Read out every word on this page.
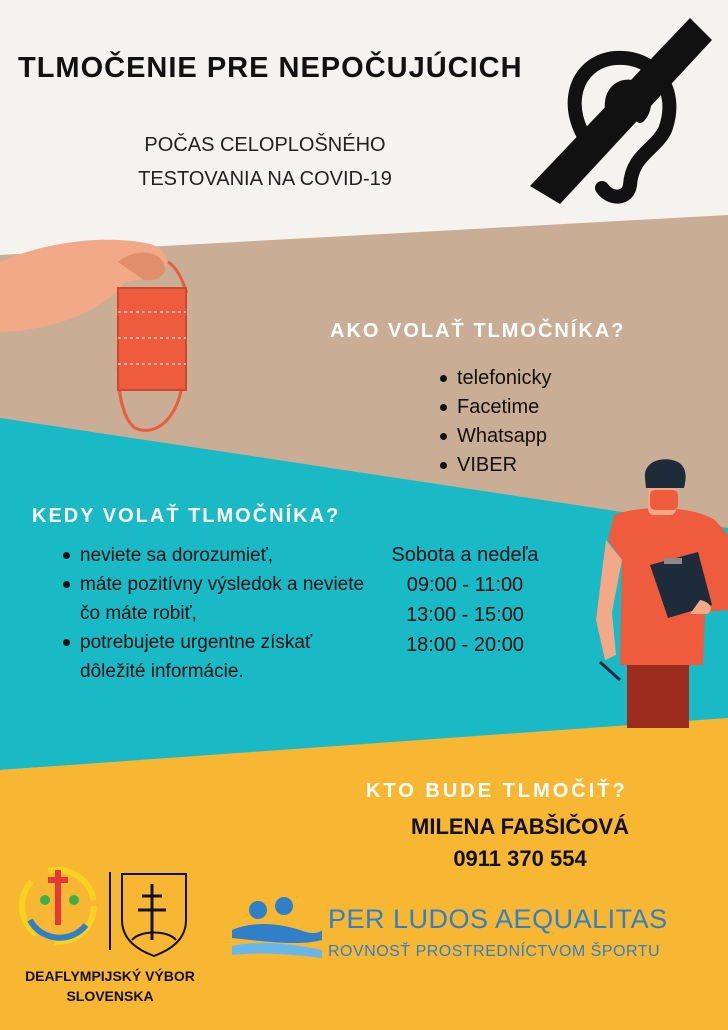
TLMOČENIE PRE NEPOČUJÚCICH
POČAS CELOPLOŠNÉHO
TESTOVANIA NA COVID-19
AKO VOLAŤ TLMOČNÍKA?
telefonicky
Facetime
Whatsapp
VIBER
KEDY VOLAŤ TLMOČNÍKA?
neviete sa dorozumieť,
máte pozitívny výsledok a neviete čo máte robiť,
potrebujete urgentne získať dôležité informácie.
Sobota a nedeľa
09:00 - 11:00
13:00 - 15:00
18:00 - 20:00
KTO BUDE TLMOČIŤ?
MILENA FABŠIČOVÁ
0911 370 554
DEAFLYMPIJSKÝ VÝBOR
SLOVENSKA
PER LUDOS AEQUALITAS
ROVNOSŤ PROSTREDNÍCTVOM ŠPORTU
